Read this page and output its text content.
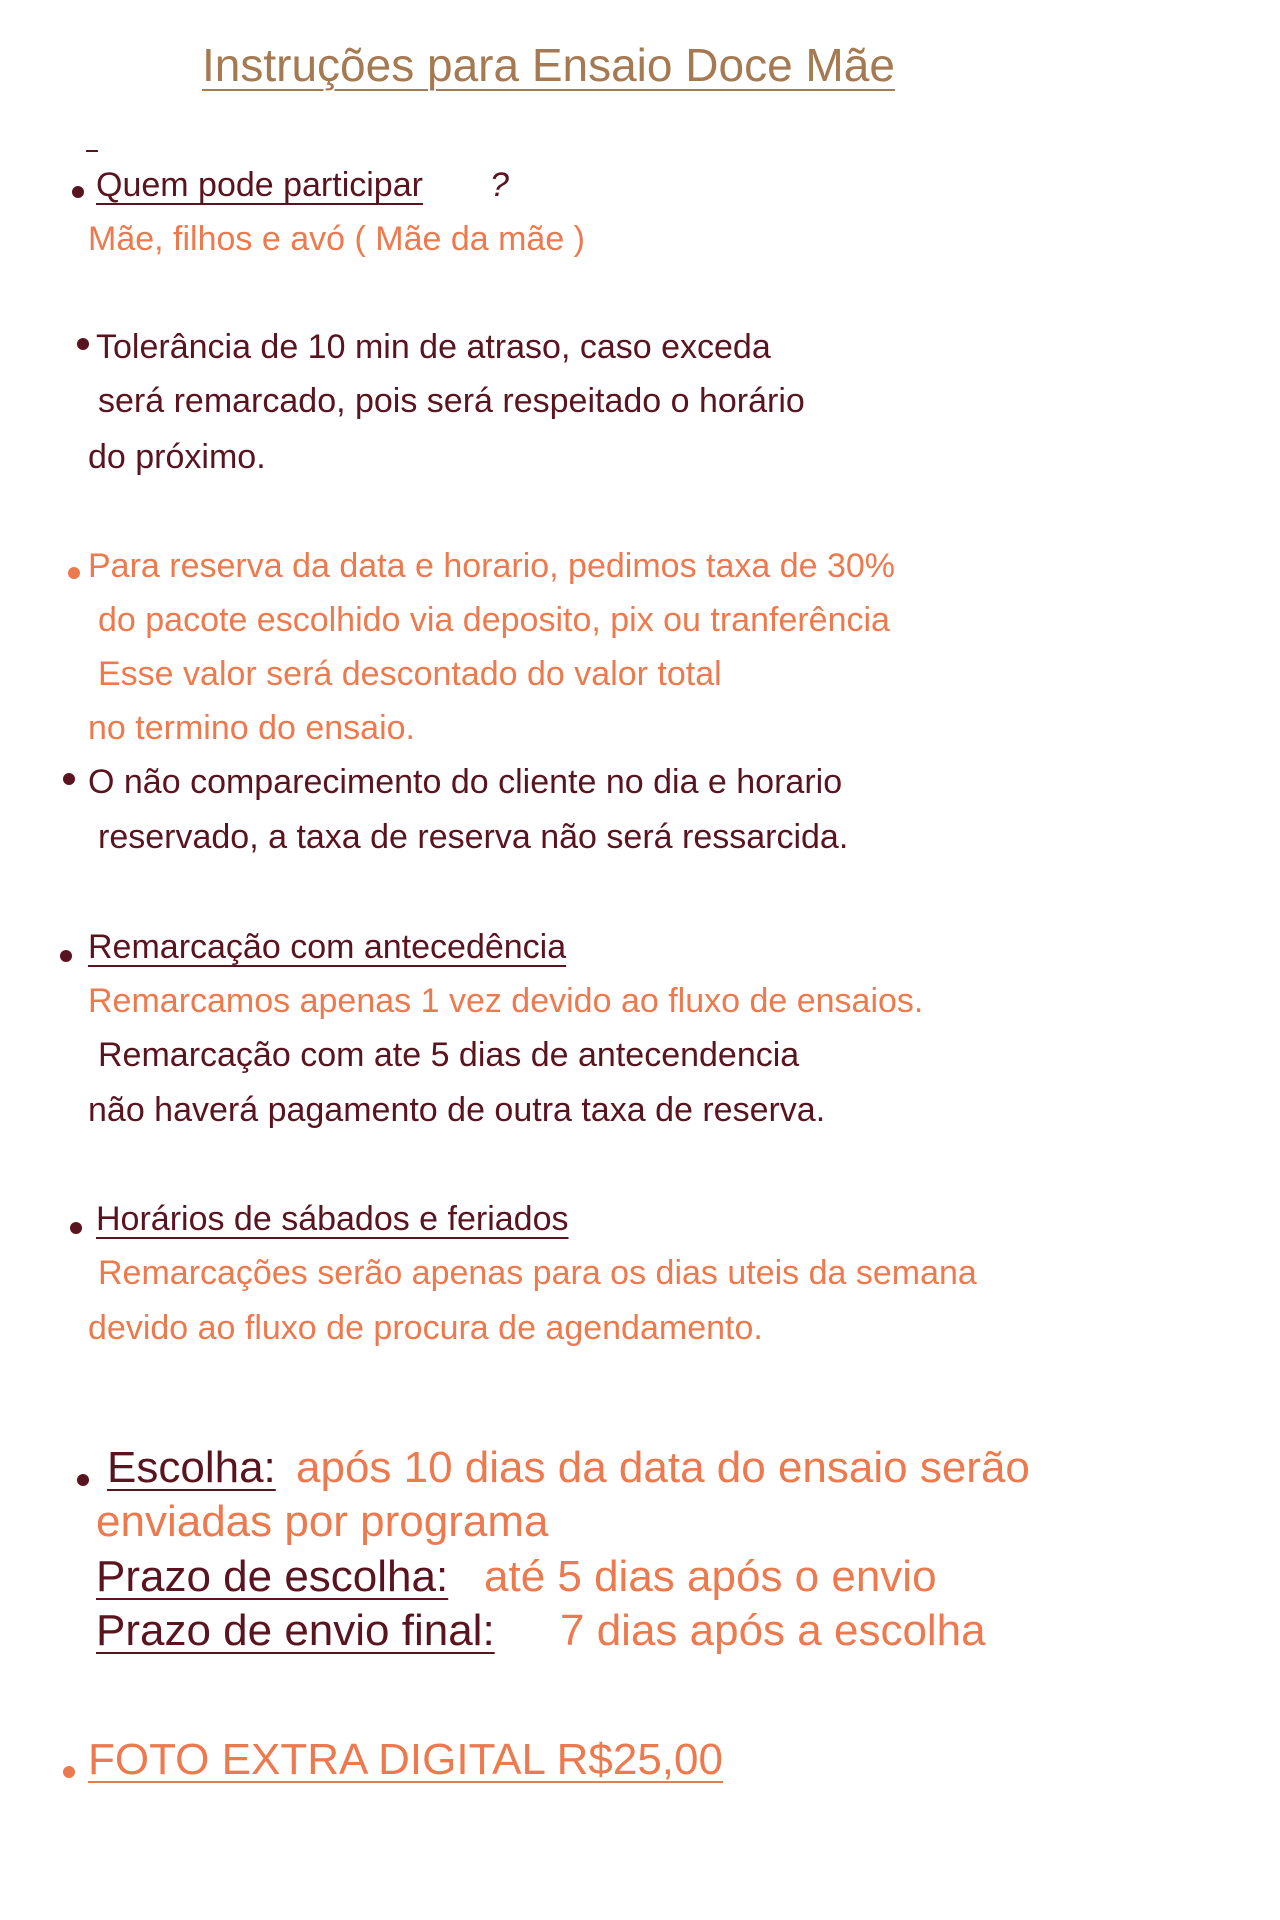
Instruções para Ensaio Doce Mãe
Quem pode participar ?
Mãe, filhos e avó ( Mãe da mãe )
Tolerância de 10 min de atraso, caso exceda
será remarcado, pois será respeitado o horário
do próximo.
Para reserva da data e horario, pedimos taxa de 30%
do pacote escolhido via deposito, pix ou tranferência
Esse valor será descontado do valor total
no termino do ensaio.
O não comparecimento do cliente no dia e horario
reservado, a taxa de reserva não será ressarcida.
Remarcação com antecedência
Remarcamos apenas 1 vez devido ao fluxo de ensaios.
Remarcação com ate 5 dias de antecendencia
não haverá pagamento de outra taxa de reserva.
Horários de sábados e feriados
Remarcações serão apenas para os dias uteis da semana
devido ao fluxo de procura de agendamento.
Escolha: após 10 dias da data do ensaio serão
enviadas por programa
Prazo de escolha: até 5 dias após o envio
Prazo de envio final: 7 dias após a escolha
FOTO EXTRA DIGITAL R$25,00
